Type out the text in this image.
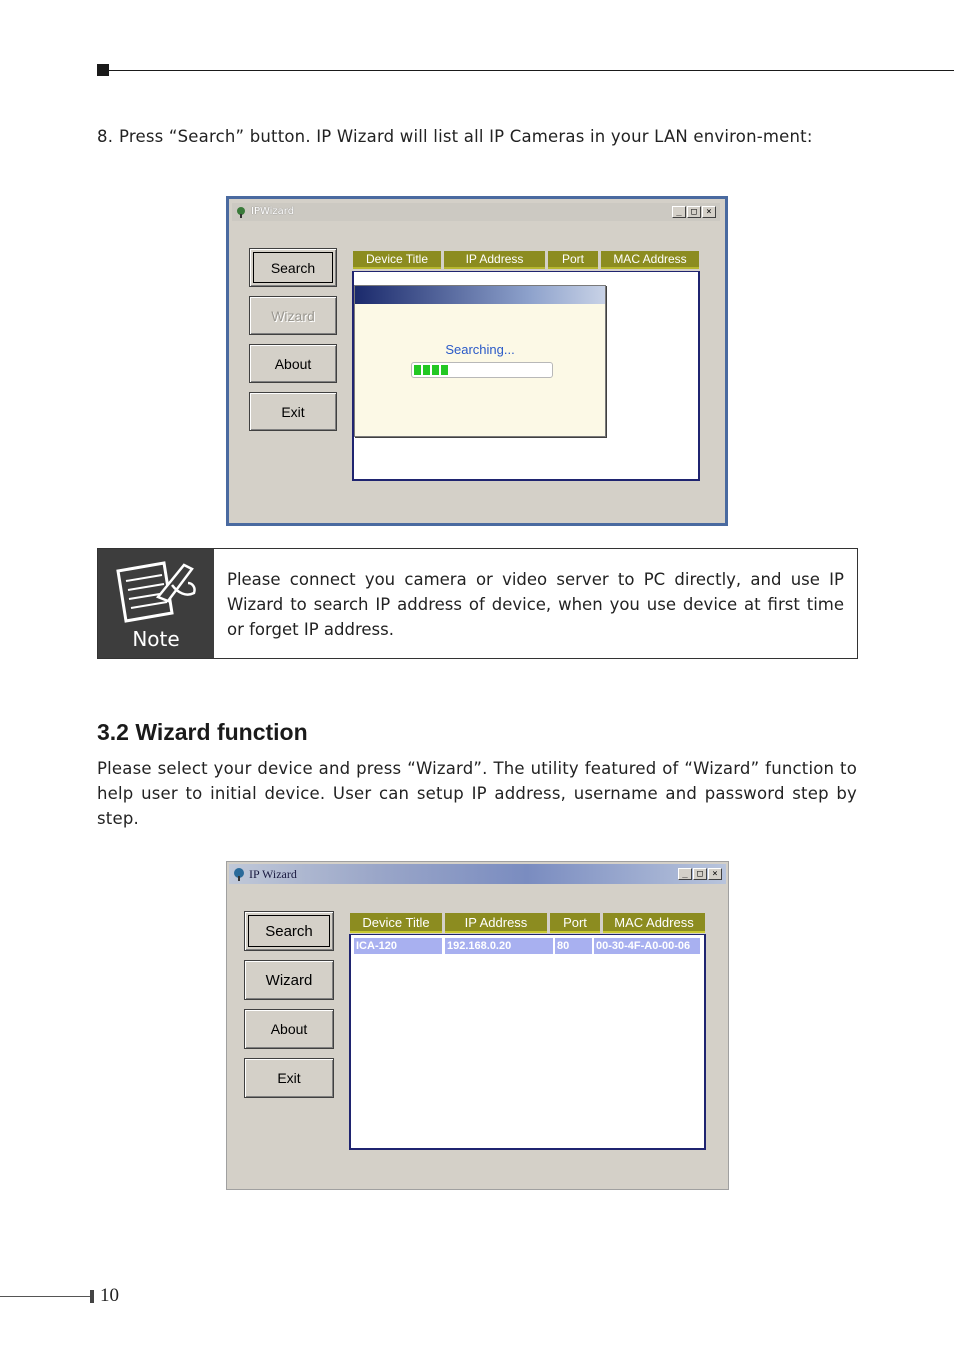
8. Press “Search” button. IP Wizard will list all IP Cameras in your LAN environ-ment:
IPWizard	_	□	×
Search
Wizard
About
Exit
Device Title	IP Address	Port	MAC Address
Searching...
Note
Please connect you camera or video server to PC directly, and use IP Wizard to search IP address of device, when you use device at first time or forget IP address.
3.2 Wizard function
Please select your device and press “Wizard”. The utility featured of “Wizard” function to help user to initial device. User can setup IP address, username and password step by step.
IP Wizard	_	□	×
Search
Wizard
About
Exit
Device Title	IP Address	Port	MAC Address
ICA-120	192.168.0.20	80	00-30-4F-A0-00-06
10
